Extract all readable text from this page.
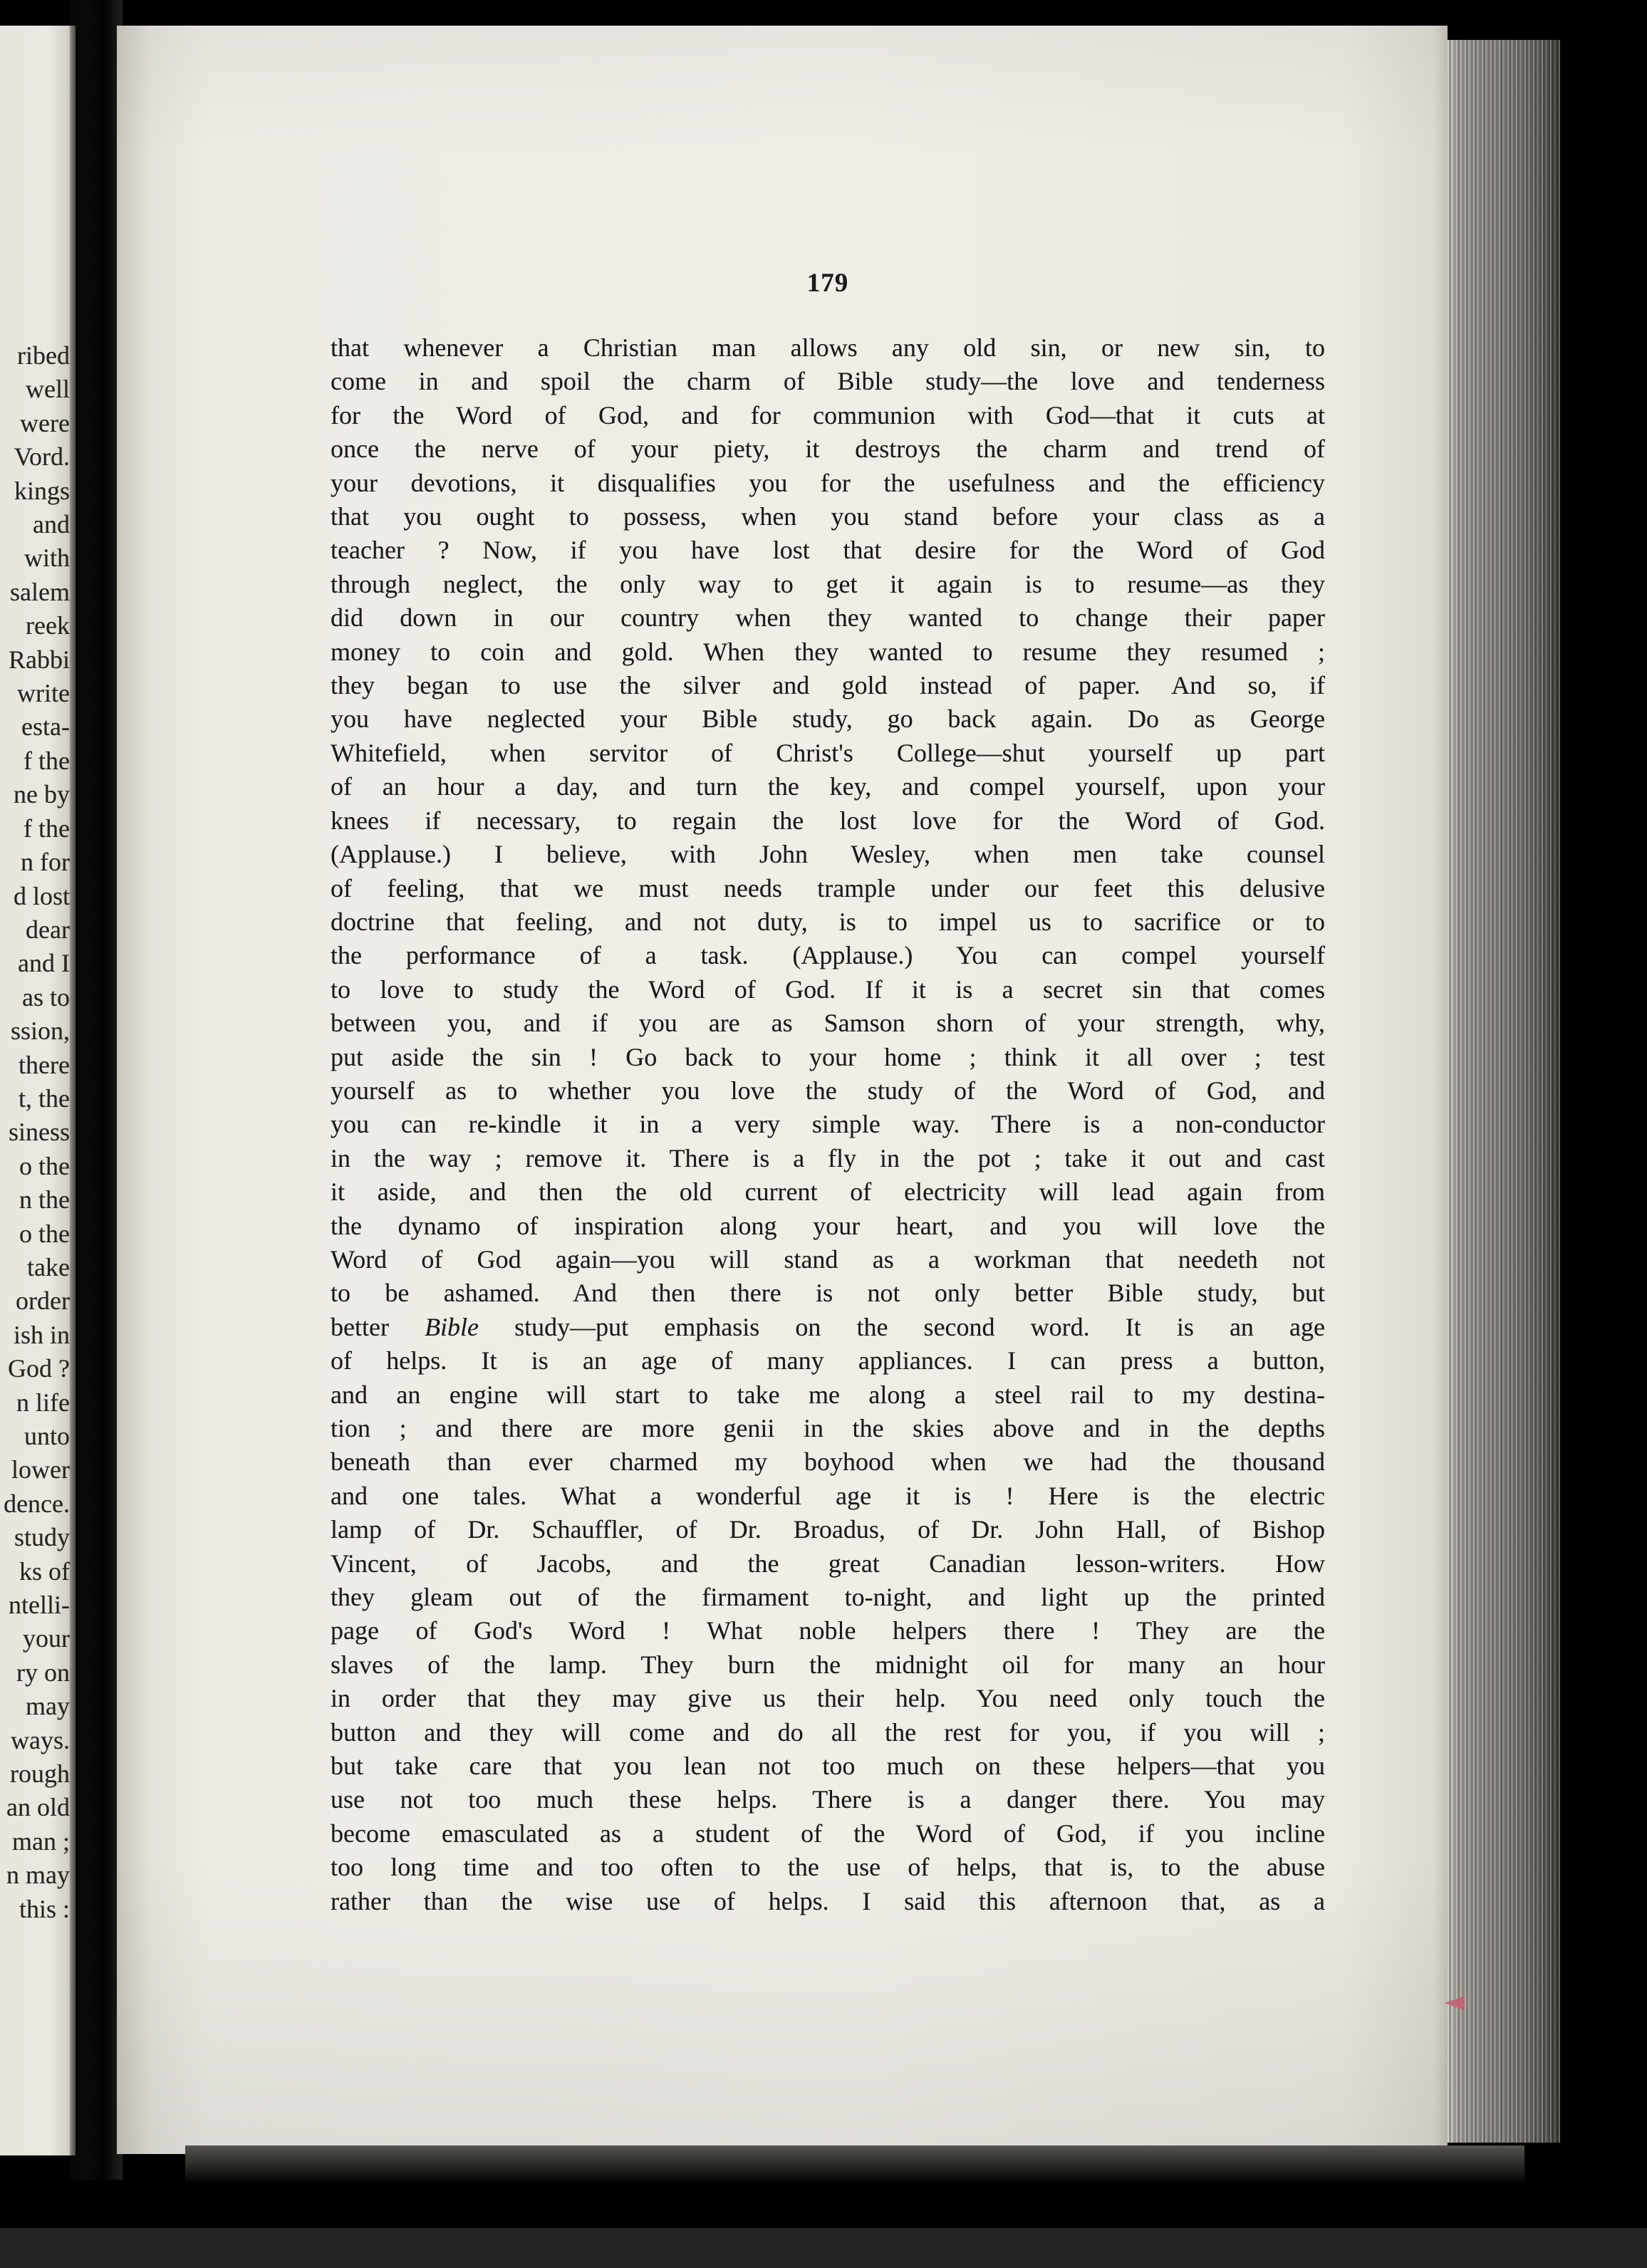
ribed
well
were
Vord.
kings
and
with
salem
reek
Rabbi
write
esta-
f the
ne by
f the
n for
d lost
dear
and I
as to
ssion,
there
t, the
siness
o the
n the
o the
take
order
ish in
God ?
n life
unto
lower
dence.
study
ks of
ntelli-
your
ry on
may
ways.
rough
an old
man ;
n may
this :
179
that whenever a Christian man allows any old sin, or new sin, to
come in and spoil the charm of Bible study—the love and tenderness
for the Word of God, and for communion with God—that it cuts at
once the nerve of your piety, it destroys the charm and trend of
your devotions, it disqualifies you for the usefulness and the efficiency
that you ought to possess, when you stand before your class as a
teacher ? Now, if you have lost that desire for the Word of God
through neglect, the only way to get it again is to resume—as they
did down in our country when they wanted to change their paper
money to coin and gold. When they wanted to resume they resumed ;
they began to use the silver and gold instead of paper. And so, if
you have neglected your Bible study, go back again. Do as George
Whitefield, when servitor of Christ's College—shut yourself up part
of an hour a day, and turn the key, and compel yourself, upon your
knees if necessary, to regain the lost love for the Word of God.
(Applause.) I believe, with John Wesley, when men take counsel
of feeling, that we must needs trample under our feet this delusive
doctrine that feeling, and not duty, is to impel us to sacrifice or to
the performance of a task. (Applause.) You can compel yourself
to love to study the Word of God. If it is a secret sin that comes
between you, and if you are as Samson shorn of your strength, why,
put aside the sin ! Go back to your home ; think it all over ; test
yourself as to whether you love the study of the Word of God, and
you can re-kindle it in a very simple way. There is a non-conductor
in the way ; remove it. There is a fly in the pot ; take it out and cast
it aside, and then the old current of electricity will lead again from
the dynamo of inspiration along your heart, and you will love the
Word of God again—you will stand as a workman that needeth not
to be ashamed. And then there is not only better Bible study, but
better Bible study—put emphasis on the second word. It is an age
of helps. It is an age of many appliances. I can press a button,
and an engine will start to take me along a steel rail to my destina-
tion ; and there are more genii in the skies above and in the depths
beneath than ever charmed my boyhood when we had the thousand
and one tales. What a wonderful age it is ! Here is the electric
lamp of Dr. Schauffler, of Dr. Broadus, of Dr. John Hall, of Bishop
Vincent, of Jacobs, and the great Canadian lesson-writers. How
they gleam out of the firmament to-night, and light up the printed
page of God's Word ! What noble helpers there ! They are the
slaves of the lamp. They burn the midnight oil for many an hour
in order that they may give us their help. You need only touch the
button and they will come and do all the rest for you, if you will ;
but take care that you lean not too much on these helpers—that you
use not too much these helps. There is a danger there. You may
become emasculated as a student of the Word of God, if you incline
too long time and too often to the use of helps, that is, to the abuse
rather than the wise use of helps. I said this afternoon that, as a
